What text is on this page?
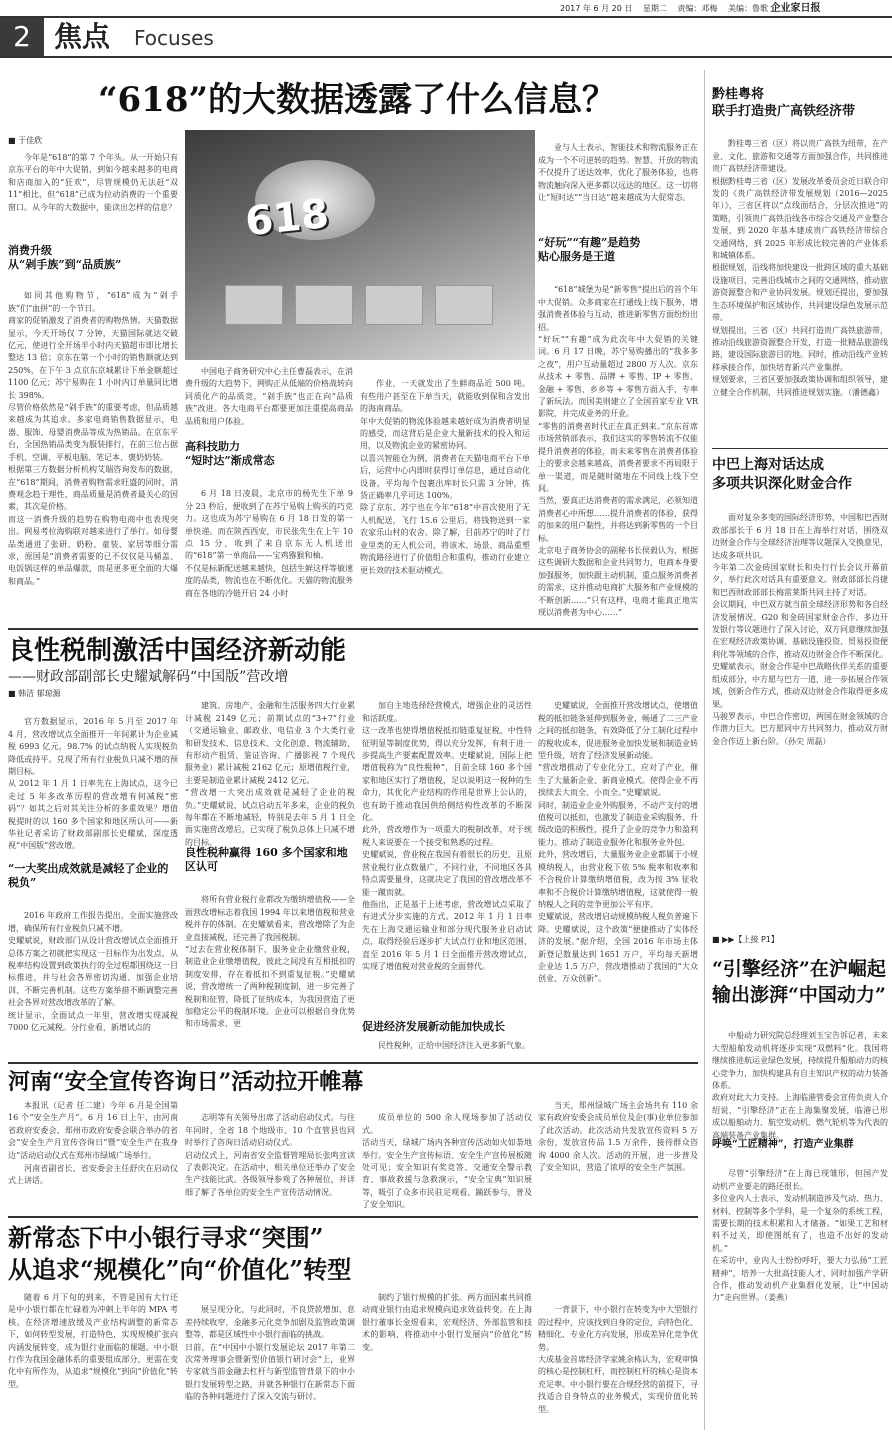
2017 年 6 月 20 日 　星期二　 责编：邓梅　 美编：鲁歌 企业家日报
2 焦点 Focuses
“618”的大数据透露了什么信息？
■ 于佳欣

今年是“618”的第 7 个年头。从一开始只有京东平台的年中大促销，到如今越来越多的电商和店商加入的“狂欢”，尽管规模仍无法赶“双 11”相比，但“618”已成为拉动消费的一个重要窗口。从今年的大数据中，能读出怎样的信息？

消费升级
从“剁手族”到“品质族”

如同其他购物节，“618”成为“剁手族”们“血拼”的一个节日。
商家的促销激发了消费者的购物热情。天猫数据显示，今天开场仅 7 分钟，天猫国际就达交破亿元，使进行全开场半小时内天猫超市即比增长整达 13 倍；京东在第一个小时的销售额就达到 250%，在下午 3 点京东京城累计下单金额超过 1100 亿元；苏宁易购在 1 小时内订单量同比增长 398%。
尽管价格依然是“剁手族”的重要考虑，但品质越来越成为其追求。多家电商销售数据显示，电器、服饰、母婴消费品等成为热销品。在京东平台，全国热销品类变为服装排行，在前三位占据手机、空调、平板电脑、笔记本、褒奶奶装。
根据第三方数据分析机构艾瑞咨询发布的数据，在“618”期间，消费者购物需求旺盛的同时，消费观念趋于理性，商品质量是消费者最关心的因素，其次是价格。
而这一消费升级的趋势在购物电商中也表现突出。网易考拉海购联对越来进行了举行。如母婴品类通进了张研、奶粉、童装、家居等细分需求，原国是“消费者需要的已不仅仅是马桶盖、电饭锅这样的单品爆款，而是更多更全面的大爆和商品。”

618

中国电子商务研究中心主任曹磊表示，在消费升级的大趋势下，网购正从低端的价格战转向同质化产的品质竞，“剁手族”也正在向“品质族”改进。各大电商平台都要更加注重提高商品品质和用户体验。

高科技助力
“短时达”渐成常态

6 月 18 日凌晨，北京市的杨先生下单 9 分 23 秒后，便收到了在苏宁易购上购买的巧克力。这也成为苏宁易购在 6 月 18 日发的第一单快递。而在陕西西安，市民张先生在上午 10 点 15 分，收到了来自京东无人机送出的“618”第一单商品——宝鸡猕猴和柚。
不仅是标新配送越来越快，包括生鲜这样等敏速度的品类，物流也在不断优化。天猫的物流服务商在各地的冷链开启 24 小时

作业，一天就发出了生鲜商品近 500 吨。有些用户甚至在下单当天，就能收到保和含发出的海南商品。
年中大促销的物流体验越来越好成为消费者明显的感受，而这背后是企业大量新技术的投入和运用，以及物流企业的紧密协同。
以喜兴智能仓为例，消费者在天猫电商平台下单后，运营中心内即时获得订单信息，通过自动化设备，平均每个包裹出库时长只需 3 分钟，拣货正确率几乎可达 100%。
除了京东、苏宁也在今年“618”中首次使用了无人机配送，飞行 15.6 公里后，将钱物送到一家农家乐山村的农舍。除了解，目前苏宁的时了行业里类的无人机公司，将该术、场景、商品重塑物流路径进行了价值组合和重构，推动行业建立更长效的技术驱动模式。

业与人士表示，智能技术和物流服务正在成为一个不可逆转的趋势。智慧、开放的物流不仅提升了送达效率，优化了服务体验，也将物流触向深入更多都以远达的地区。这一切将让“短时达”“当日达”越来越成为大促常态。

“好玩”“有趣”是趋势
贴心服务是王道

“618”城堡为是“新零售”提出后的首个年中大促销。众多商家在打通线上线下服务，增强消费者体验与互动，推进新零售方面纷纷出招。
“好玩”“有趣”成为此次年中大促销的关键词。6 月 17 日晚，苏宁易购播出的“我多多之夜”，用户互动量超过 2800 万人次。京东从技术 + 零售、品牌 + 零售、IP + 零售、金融 + 零售、乡乡等 + 零售方面入手，专率了新玩法。而国美则建立了全国首家专业 VR 影院，并完成业务的开业。
“零售的消费者时代正在真正到来。”京东首席市场营销部表示，我们这实的零售转流不仅能提升消费者的体验，而未来零售在消费者体验上的要求会越来越高，消费者要求不再局限于单一渠道，而是随时随地在不同线上线下空间。
当然，要真正达消费者的需求满足，必须知道消费者心中所想……提升消费者的体验，获得的加来的用户黏性，并将达到新零售的一个目标。
北京电子商务协会的副秘书长侯毅认为，根据这些调研大数据和企业共同努力，电商本身要加强服务，加快跟主动机制，重点服务消费者的需求，这并推动电商扩大服务和产业规模的不断创新……“只有这样，电商才能真正地实现以消费者为中心……”

黔桂粤将
联手打造贵广高铁经济带

黔桂粤三省（区）将以贵广高铁为纽带，在产业、文化、旅游和交通等方面加强合作，共同推进贵广高铁经济带建设。
根据黔桂粤三省（区）发展改革委员会近日联合印发的《贵广高铁经济带发展规划（2016—2025 年）》，三省区将以“点线面结合，分层次推进”的策略，引领贵广高铁沿线各市综合交通及产业整合发展，到 2020 年基本建成贵广高铁经济带综合交通网络，到 2025 年形成比较完善的产业体系和城镇体系。
根据规划，沿线将加快建设一批跨区域的重大基础设施项目，完善沿线城市之间的交通网络，推动旅游资源整合和产业协同发展。规划还提出，要加强生态环境保护和区域协作，共同建设绿色发展示范带。
规划提出，三省（区）共同打造贵广高铁旅游带，推动沿线旅游资源整合开发，打造一批精品旅游线路，建设国际旅游目的地。同时，推动沿线产业转移承接合作，加快培育新兴产业集群。
规划要求，三省区要加强政策协调和组织领导，建立健全合作机制，共同推进规划实施。（潘德鑫）

中巴上海对话达成
多项共识深化财金合作

面对复杂多变的国际经济形势，中国和巴西财政部部长于 6 月 18 日在上海举行对话，围绕双边财金合作与全球经济治理等议题深入交换意见，达成多项共识。
今年第二次金砖国家财长和央行行长会议开幕前夕，举行此次对话具有重要意义。财政部部长肖捷和巴西财政部部长梅雷莱斯共同主持了对话。
会议期间，中巴双方就当前全球经济形势和各自经济发展情况、G20 和金砖国家财金合作、多边开发银行等议题进行了深入讨论，双方同意继续加强在宏观经济政策协调、基础设施投资、贸易投资便利化等领域的合作，推动双边财金合作不断深化。
史耀斌表示，财金合作是中巴战略伙伴关系的重要组成部分，中方愿与巴方一道，进一步拓展合作领域，创新合作方式，推动双边财金合作取得更多成果。
马骏罗表示，中巴合作密切，两国在财金领域的合作潜力巨大。巴方愿同中方共同努力，推动双方财金合作迈上新台阶。（孙尖 周磊）

■ ▶▶【上接 P1】
“引擎经济”在沪崛起
输出澎湃“中国动力”

中船动力研究院总经理刘玉宝告诉记者，未来大型船舶发动机将逐步实现“双燃料”化。我国将继续推进航运业绿色发展，持续提升船舶动力的核心竞争力，加快构建具有自主知识产权的动力装备体系。
政府对此大力支持。上海临港管委会宣传负责人介绍说，“引擎经济”正在上海集聚发展，临港已形成以船舶动力、航空发动机、燃气轮机等为代表的高端装备产业集群。

呼唤“工匠精神”，打造产业集群

尽管“引擎经济”在上海已现雏形，但国产发动机产业要走的路还很长。
多位业内人士表示，发动机制造涉及气动、热力、材料、控制等多个学科，是一个复杂的系统工程，需要长期的技术积累和人才储备。“如果工艺和材料不过关，即使图纸有了，也造不出好的发动机。”
在采访中，业内人士纷纷呼吁，要大力弘扬“工匠精神”，培养一大批高技能人才，同时加强产学研合作，推动发动机产业集群化发展，让“中国动力”走向世界。（姜燕）

良性税制激活中国经济新动能
——财政部副部长史耀斌解码“中国版”营改增
■ 韩洁 郁琼源

官方数据显示，2016 年 5 月至 2017 年 4 月，营改增试点全面推开一年间累计为企业减税 6993 亿元，98.7% 的试点纳税人实现税负降低或持平。兑现了所有行业税负只减不增的预期目标。
从 2012 年 1 月 1 日率先在上海试点，这今已走过 5 年多改革历程的营改增有何减税“密码”？如其之后对其关注分析的多重效果？增值税提时的以 160 多个国家和地区所认可——新华社记者采访了财政部副部长史耀斌，深度透视“中国版”营改增。

“一大奖出成效就是减轻了企业的税负”

2016 年政府工作报告提出，全面实施营改增，确保所有行业税负只减不增。
史耀斌说，财政部门从设计营改增试点全面推开总体方案之初就把实现这一目标作为出发点，从税率结构设置到政策执行的全过程都围绕这一目标推进，并与社会各界密切沟通、加强企业培训、不断完善机制。这些方案举措不断调整完善社会各界对营改增改革的了解。
统计显示，全面试点一年里，营改增实现减税 7000 亿元减税。分行业看，新增试点的

建筑、房地产、金融和生活服务四大行业累计减税 2149 亿元；前期试点的“3+7”行业（交通运输业、邮政业、电信业 3 个大类行业和研发技术、信息技术、文化创意、物流辅助、有形动产租赁、鉴证咨询、广播影视 7 个现代服务业）累计减税 2162 亿元；原增值税行业，主要是制造业累计减税 2412 亿元。
“营改增一大突出成效就是减轻了企业的税负。”史耀斌说，试点启动五年多来，企业的税负每年都在不断地减轻，特别是去年 5 月 1 日全面实施营改增后，已实现了税负总体上只减不增的目标。

良性税种赢得 160 多个国家和地区认可

将所有营业税行业都改为缴纳增值税——全面营改增标志着我国 1994 年以来增值税和营业税并存的体制。在史耀斌看来，营改增除了为企业直接减税，还完善了我国税制。
“过去在营业税体制下，服务业企业缴营业税，制造业企业缴增值税，彼此之间没有互相抵扣的制度安排，存在着抵扣不到重复征税。”史耀斌说，营改增统一了两种税制度制，进一步完善了税制和征管，降低了征纳成本，为我国营造了更加稳定公平的税制环境。企业可以根据自身优势和市场需求，更

加自主地选择经营模式，增强企业的灵活性和活跃度。
这一改革也使得增值税抵扣链重复征税，中性特征明显等制度优势，得以充分发挥，有利于进一步提高生产要素配置效率。史耀斌说，国际上把增值税称为“良性税种”，目前全球 160 多个国家和地区实行了增值税，足以说明这一税种的生命力，其优化产业结构的作用是世界上公认的，也有助于推动我国供给侧结构性改革的不断深化。
此外，营改增作为一项重大的税制改革，对于统税人来说要在一个接受和熟悉的过程。
史耀斌说，营业税在我国有着很长的历史，且原营业税行业点数量广，不同行业，不同地区各具特点需要量身，这就决定了我国的营改增改革不能一蹴而就。
他指出，正是基于上述考虑，营改增试点采取了有进式分步实施的方式。2012 年 1 月 1 日率先在上海交通运输业和部分现代服务业启动试点，取得经验后逐步扩大试点行业和地区范围，直至 2016 年 5 月 1 日全面推开营改增试点，实现了增值税对营业税的全面替代。

促进经济发展新动能加快成长

民性税种，正给中国经济注入更多新气象。

史耀斌说，全面推开营改增试点，使增值税的抵扣链条延伸到服务业，畅通了二三产业之间的抵扣链条，有效降低了分工制化过程中的税收成本，促进服务业加快发展和制造业转型升级，培育了经济发展新动能。
“营改增推动了专业化分工，应对了产业，催生了大量新企业、新商业模式。使得企业不再挨续去大而全、小而全。”史耀斌说。
同时，制造业企业外购服务，不动产支付的增值税可以抵扣，也激发了制造业采购服务、升级改造的积极性，提升了企业的竞争力和盈利能力。推动了制造业服务化和服务业外包。
此外，营改增后，大量服务业企业都属于小规模纳税人，由营业税下依 5% 税率和收率和不合税价计算缴纳增值税，改为按 3% 征收率和不合税价计算缴纳增值税，这就使得一般纳税人之间的竞争更加公平有序。
史耀斌说，营改增启动规模纳税人税负普遍下降。史耀斌说，这个政策“便捷推动了实体经济的发展。”据介绍，全国 2016 年市场主体新登记数量达到 1651 万户，平均每天新增企业达 1.5 万户，营改增推动了我国的“大众创业、万众创新”。

河南“安全宣传咨询日”活动拉开帷幕

本报讯（记者 任二建）今年 6 月是全国第 16 个“安全生产月”。6 月 16 日上午，由河南省政府安委会、郑州市政府安委会联合举办的省会“安全生产月宣传咨询日”暨“安全生产在我身边”活动启动仪式在郑州市绿城广场举行。

河南省副省长、省安委会主任舒庆在启动仪式上讲话。

志明等有关领导出席了活动启动仪式。与往年同时，全省 18 个地级市、10 个直管县也同时举行了咨询日活动启动仪式。
启动仪式上，河南省安全监督管理局长张鸣宣读了表彰决定。在活动中，相关单位还举办了安全生产技能比武。各级领导参观了各种展位，并详细了解了各单位的安全生产宣传活动情况。

成员单位的 500 余人现场参加了活动仪式。
活动当天，绿城广场内各种宣传活动如火如荼地举行。安全生产宣传标语、安全生产宣传展板随处可见；安全知识有奖竞答、交通安全警示教育、事故救援与急救演示，“安全宝典”知识展等，吸引了众多市民驻足观看、踊跃参与，普及了安全知识。

当天，郑州绿城广场主会场共有 110 余家有政府安委会成员单位及企(事)业单位参加了此次活动。此次活动共发放宣传资料 5 万余份，发放宣传品 1.5 万余件，接待群众咨询 4000 余人次。活动的开展，进一步普及了安全知识，营造了浓厚的安全生产氛围。

新常态下中小银行寻求“突围”
从追求“规模化”向“价值化”转型

随着 6 月下旬的到来，不管是国有大行还是中小银行都在忙碌着为冲刺上半年的 MPA 考核。在经济增速放缓及产业结构调整的新常态下，如何转型发展，打造特色，实现规模扩张向内涵发展转变，成为银行业面临的课题。中小银行作为我国金融体系的重要组成部分，更需在变化中有所作为，从追求“规模化”到向“价值化”转型。

展呈现分化，与此同时，不良贷款增加、息差持续收窄，金融多元化竞争加剧及监管政策调整等，都是区域性中小银行面临的挑战。
日前，在“中国中小银行发展论坛 2017 年第二次常务理事会暨新型价值银行研讨会”上，业界专家就当前金融去杠杆与新型监管背景下的中小银行发展转型之路，并就各种银行在新常态下面临的各种问题进行了深入交流与研讨。

制约了银行规模的扩张。两方面因素共同推动商业银行由追求规模向追求效益转变。在上海银行董事长金煜看来，宏观经济、外部监管和技术的影响，将推动中小银行发展向“价值化”转变。

一背景下，中小银行在转变为中大型银行的过程中，应该找到自身的定位，向特色化、精细化、专业化方向发展，形成差异化竞争优势。
大成基金首席经济学家姚余栋认为，宏观审慎的核心是控制杠杆，而控制杠杆的核心是资本充足率。中小银行要在合规经营的前提下，寻找适合自身特点的业务模式，实现价值化转型。
